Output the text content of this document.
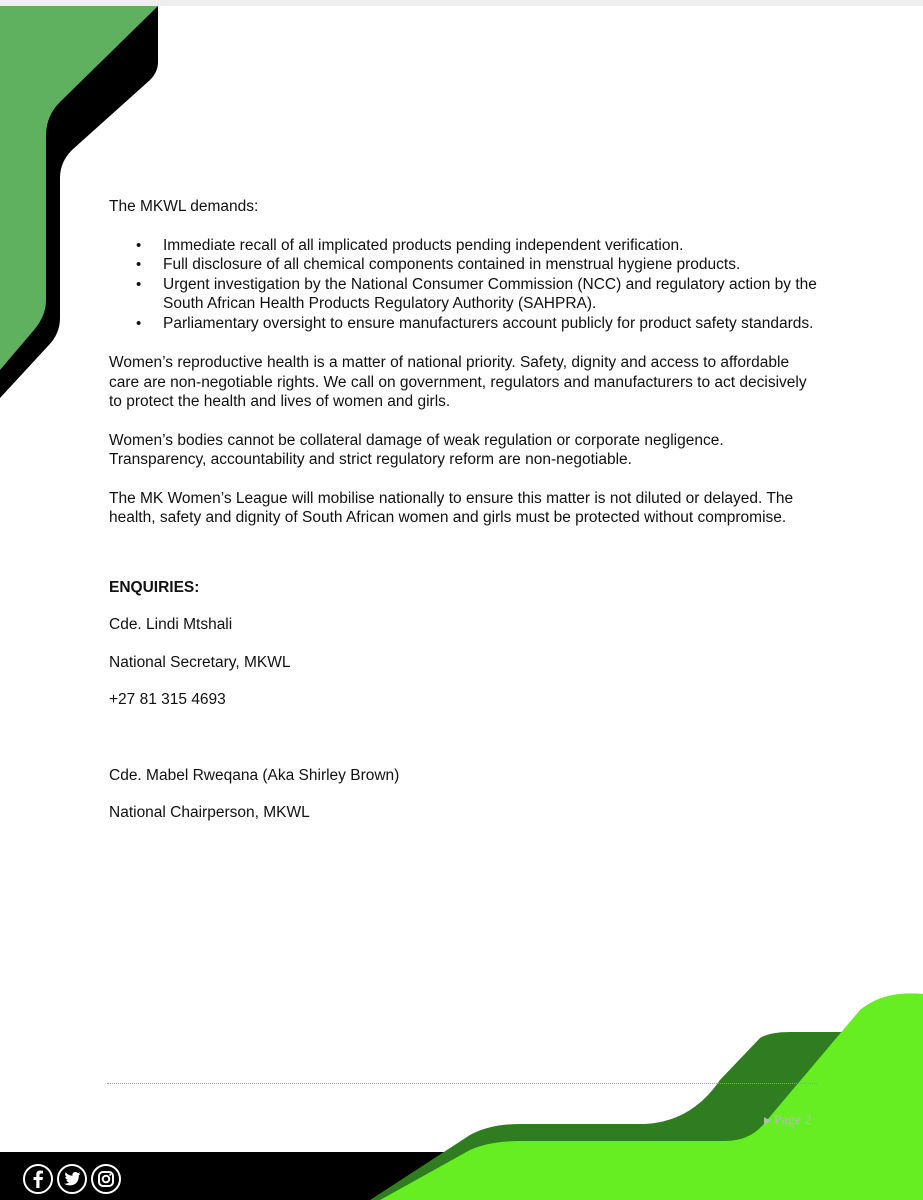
The MKWL demands:

• Immediate recall of all implicated products pending independent verification.
• Full disclosure of all chemical components contained in menstrual hygiene products.
• Urgent investigation by the National Consumer Commission (NCC) and regulatory action by the South African Health Products Regulatory Authority (SAHPRA).
• Parliamentary oversight to ensure manufacturers account publicly for product safety standards.

Women’s reproductive health is a matter of national priority. Safety, dignity and access to affordable care are non-negotiable rights. We call on government, regulators and manufacturers to act decisively to protect the health and lives of women and girls.

Women’s bodies cannot be collateral damage of weak regulation or corporate negligence. Transparency, accountability and strict regulatory reform are non-negotiable.

The MK Women’s League will mobilise nationally to ensure this matter is not diluted or delayed. The health, safety and dignity of South African women and girls must be protected without compromise.

ENQUIRIES:

Cde. Lindi Mtshali

National Secretary, MKWL

+27 81 315 4693

Cde. Mabel Rweqana (Aka Shirley Brown)

National Chairperson, MKWL

▶ Page 2
